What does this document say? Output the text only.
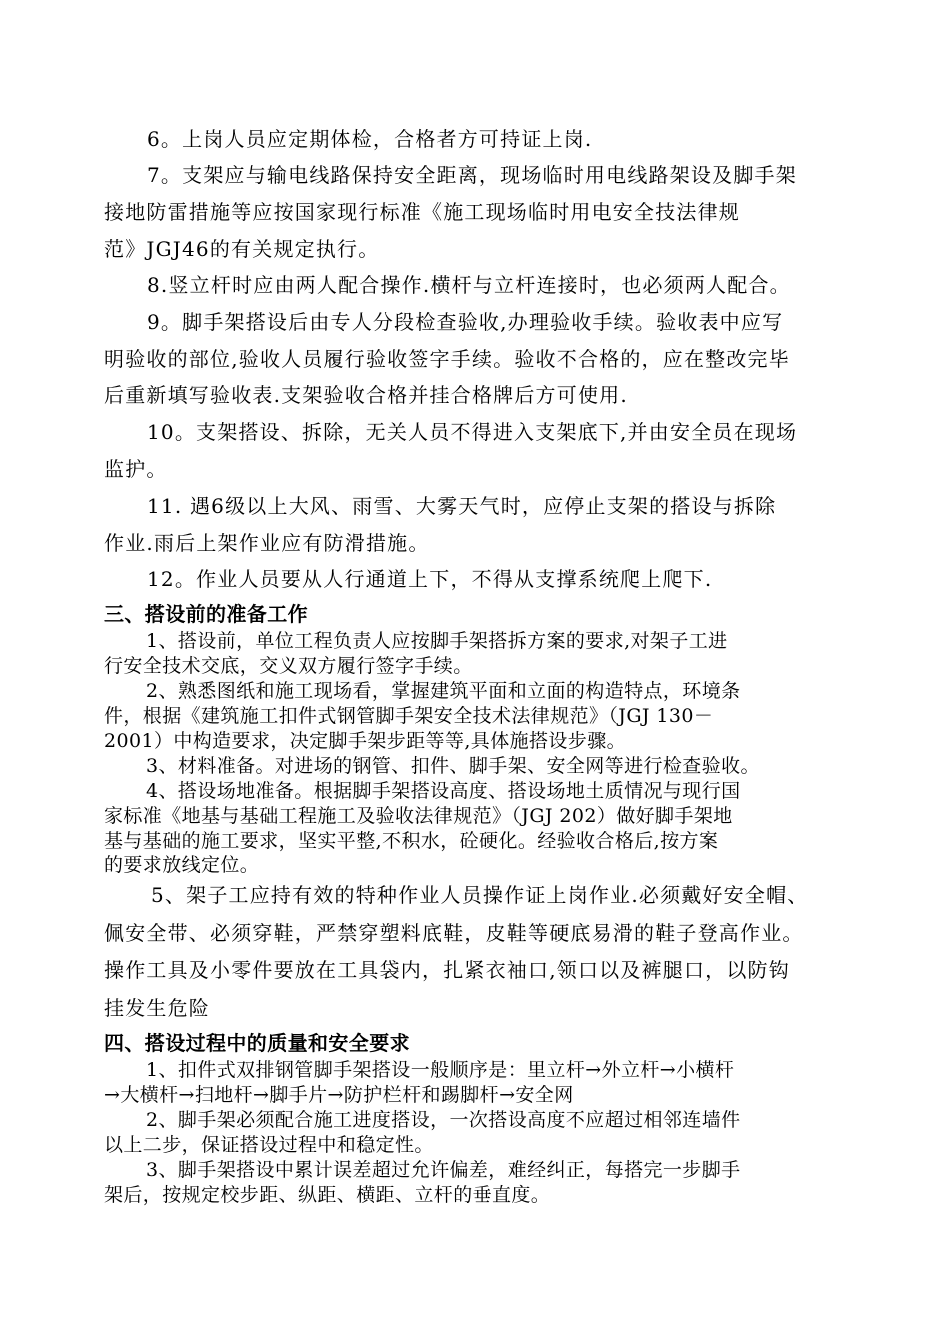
6。上岗人员应定期体检，合格者方可持证上岗.
7。支架应与输电线路保持安全距离，现场临时用电线路架设及脚手架
接地防雷措施等应按国家现行标准《施工现场临时用电安全技法律规
范》JGJ46的有关规定执行。
8.竖立杆时应由两人配合操作.横杆与立杆连接时，也必须两人配合。
9。脚手架搭设后由专人分段检查验收,办理验收手续。验收表中应写
明验收的部位,验收人员履行验收签字手续。验收不合格的，应在整改完毕
后重新填写验收表.支架验收合格并挂合格牌后方可使用.
10。支架搭设、拆除，无关人员不得进入支架底下,并由安全员在现场
监护。
11. 遇6级以上大风、雨雪、大雾天气时，应停止支架的搭设与拆除
作业.雨后上架作业应有防滑措施。
12。作业人员要从人行通道上下，不得从支撑系统爬上爬下.
三、搭设前的准备工作
1、搭设前，单位工程负责人应按脚手架搭拆方案的要求,对架子工进
行安全技术交底，交义双方履行签字手续。
2、熟悉图纸和施工现场看，掌握建筑平面和立面的构造特点，环境条
件，根据《建筑施工扣件式钢管脚手架安全技术法律规范》（JGJ 130－
2001）中构造要求，决定脚手架步距等等,具体施搭设步骤。
3、材料准备。对进场的钢管、扣件、脚手架、安全网等进行检查验收。
4、搭设场地准备。根据脚手架搭设高度、搭设场地土质情况与现行国
家标准《地基与基础工程施工及验收法律规范》（JGJ 202）做好脚手架地
基与基础的施工要求，坚实平整,不积水，砼硬化。经验收合格后,按方案
的要求放线定位。
5、架子工应持有效的特种作业人员操作证上岗作业.必须戴好安全帽、
佩安全带、必须穿鞋，严禁穿塑料底鞋，皮鞋等硬底易滑的鞋子登高作业。
操作工具及小零件要放在工具袋内，扎紧衣袖口,领口以及裤腿口，以防钩
挂发生危险
四、搭设过程中的质量和安全要求
1、扣件式双排钢管脚手架搭设一般顺序是：里立杆→外立杆→小横杆
→大横杆→扫地杆→脚手片→防护栏杆和踢脚杆→安全网
2、脚手架必须配合施工进度搭设，一次搭设高度不应超过相邻连墙件
以上二步，保证搭设过程中和稳定性。
3、脚手架搭设中累计误差超过允许偏差，难经纠正，每搭完一步脚手
架后，按规定校步距、纵距、横距、立杆的垂直度。
